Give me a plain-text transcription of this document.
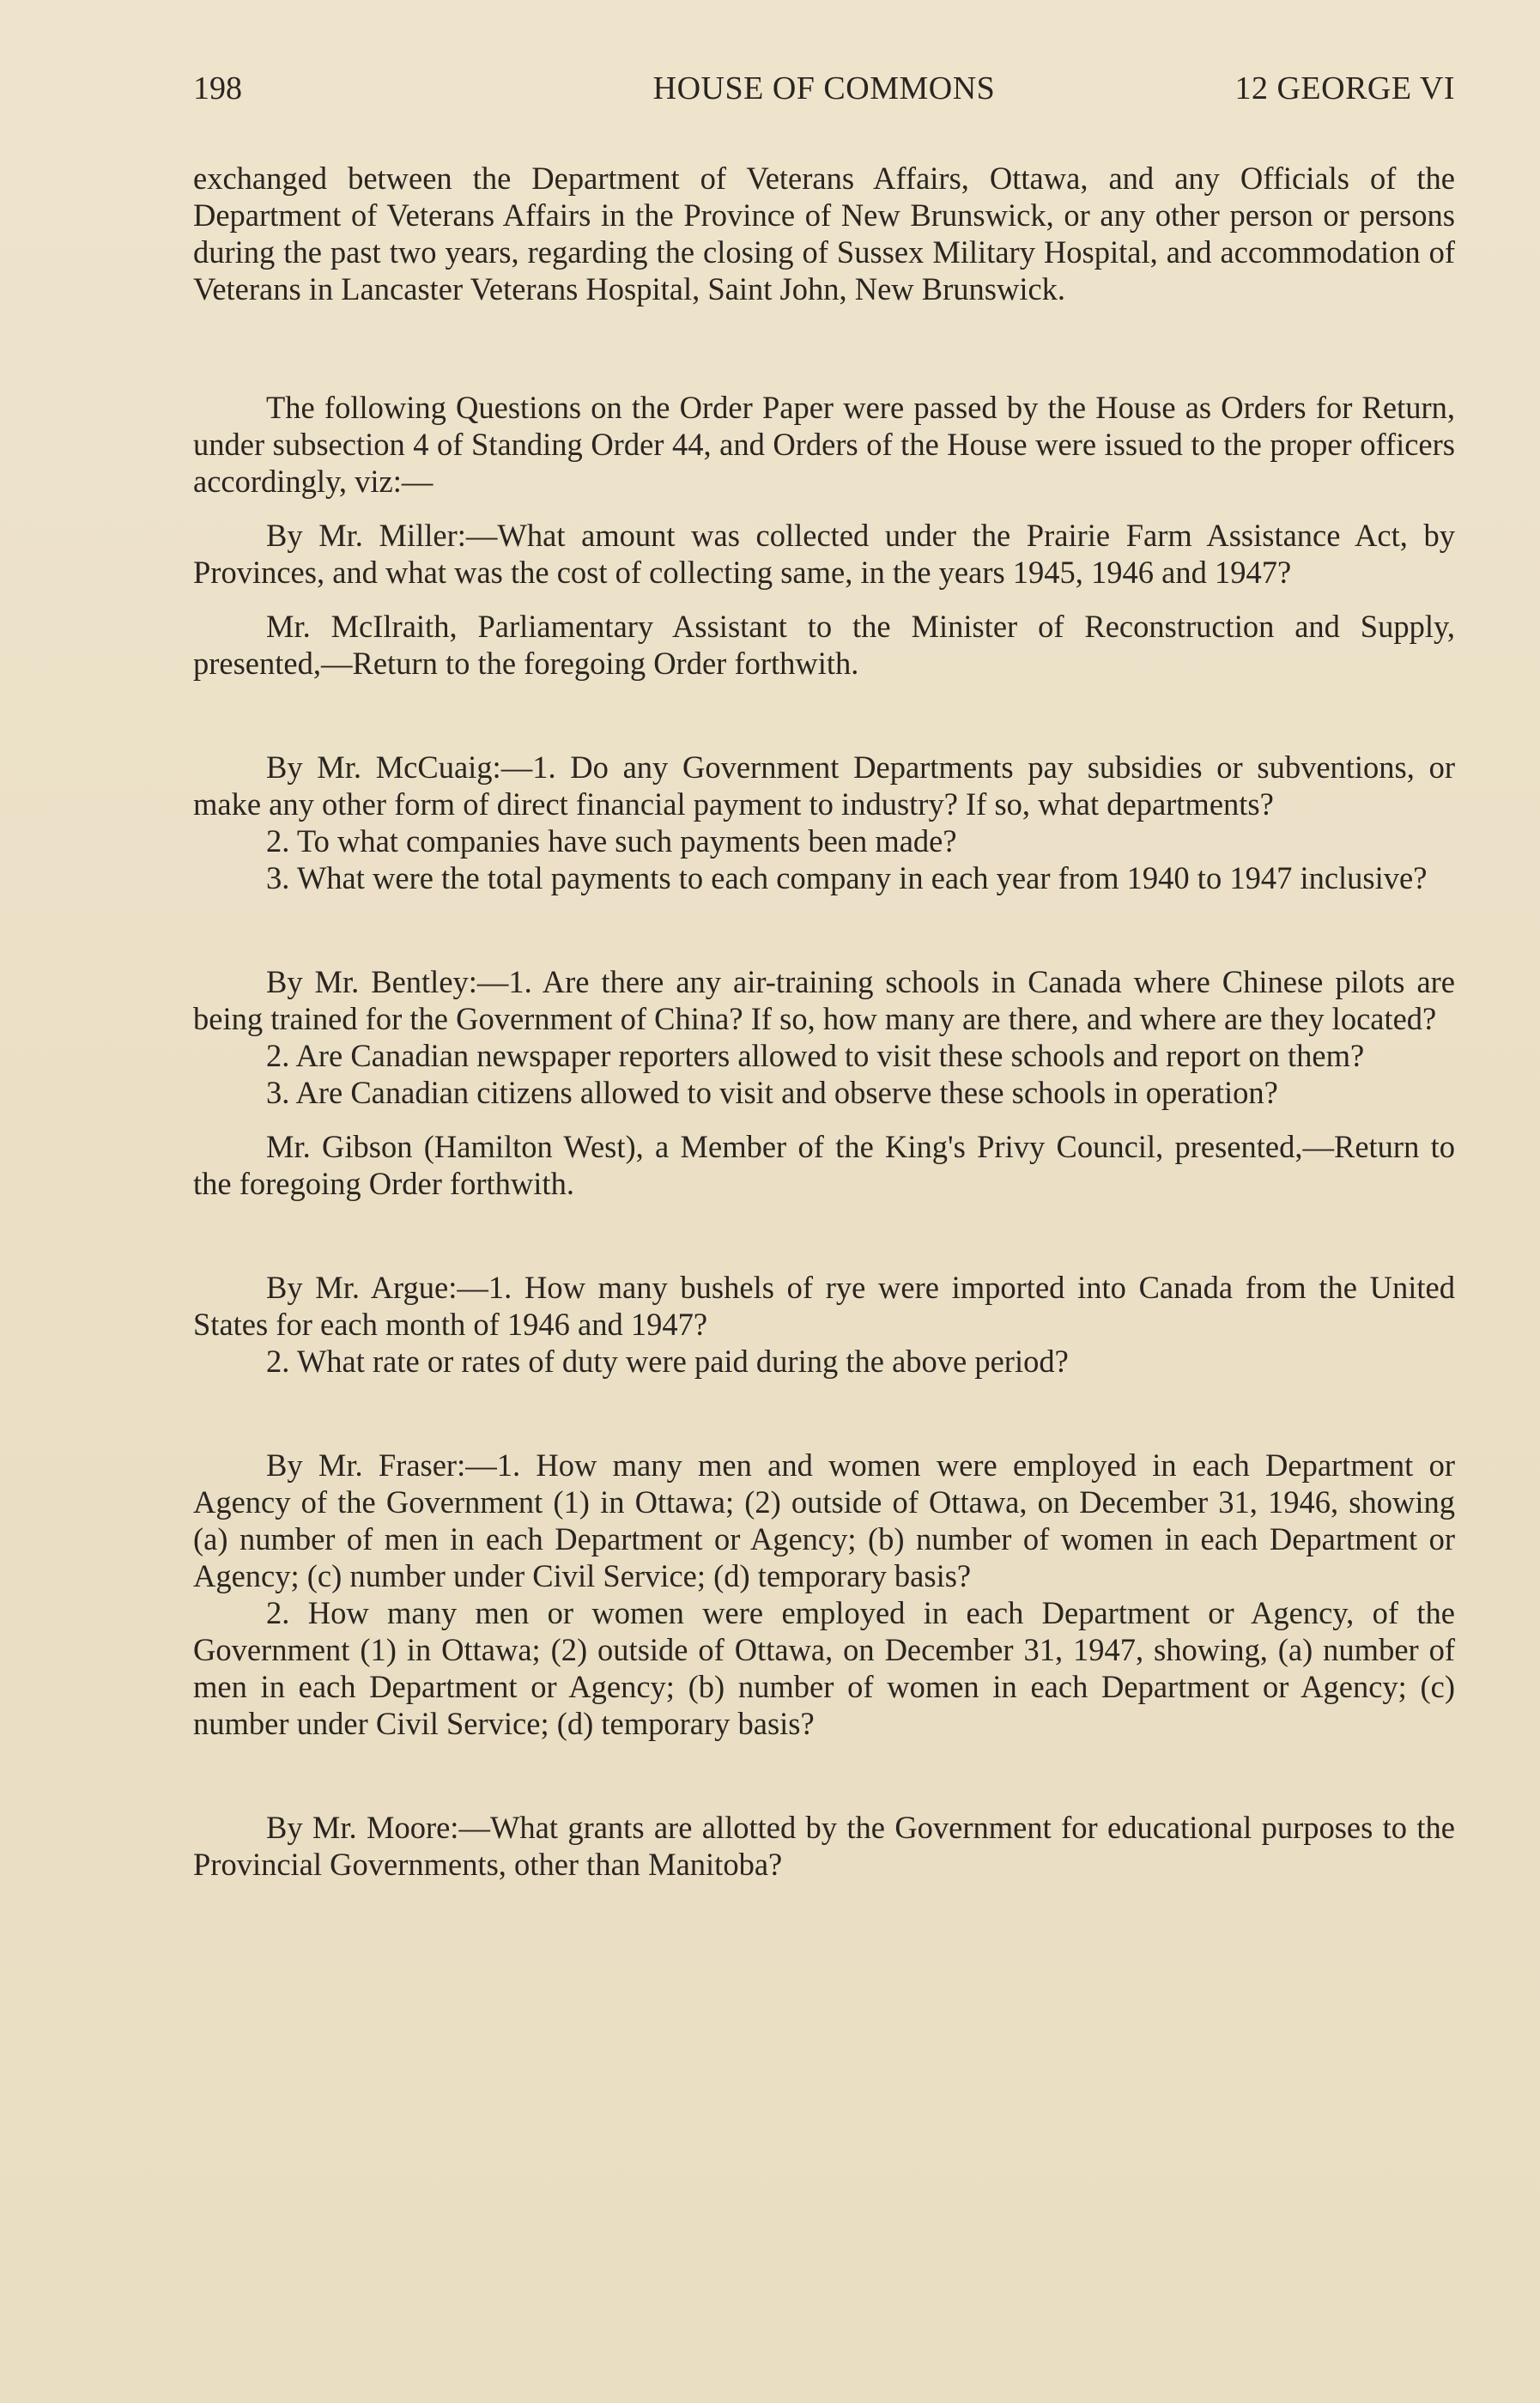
198	HOUSE OF COMMONS	12 GEORGE VI

exchanged between the Department of Veterans Affairs, Ottawa, and any Officials of the Department of Veterans Affairs in the Province of New Brunswick, or any other person or persons during the past two years, regarding the closing of Sussex Military Hospital, and accommodation of Veterans in Lancaster Veterans Hospital, Saint John, New Brunswick.

The following Questions on the Order Paper were passed by the House as Orders for Return, under subsection 4 of Standing Order 44, and Orders of the House were issued to the proper officers accordingly, viz:—

By Mr. Miller:—What amount was collected under the Prairie Farm Assistance Act, by Provinces, and what was the cost of collecting same, in the years 1945, 1946 and 1947?

Mr. McIlraith, Parliamentary Assistant to the Minister of Reconstruction and Supply, presented,—Return to the foregoing Order forthwith.

By Mr. McCuaig:—1. Do any Government Departments pay subsidies or subventions, or make any other form of direct financial payment to industry? If so, what departments?

2. To what companies have such payments been made?

3. What were the total payments to each company in each year from 1940 to 1947 inclusive?

By Mr. Bentley:—1. Are there any air-training schools in Canada where Chinese pilots are being trained for the Government of China? If so, how many are there, and where are they located?

2. Are Canadian newspaper reporters allowed to visit these schools and report on them?

3. Are Canadian citizens allowed to visit and observe these schools in operation?

Mr. Gibson (Hamilton West), a Member of the King's Privy Council, presented,—Return to the foregoing Order forthwith.

By Mr. Argue:—1. How many bushels of rye were imported into Canada from the United States for each month of 1946 and 1947?

2. What rate or rates of duty were paid during the above period?

By Mr. Fraser:—1. How many men and women were employed in each Department or Agency of the Government (1) in Ottawa; (2) outside of Ottawa, on December 31, 1946, showing (a) number of men in each Department or Agency; (b) number of women in each Department or Agency; (c) number under Civil Service; (d) temporary basis?

2. How many men or women were employed in each Department or Agency, of the Government (1) in Ottawa; (2) outside of Ottawa, on December 31, 1947, showing, (a) number of men in each Department or Agency; (b) number of women in each Department or Agency; (c) number under Civil Service; (d) temporary basis?

By Mr. Moore:—What grants are allotted by the Government for educational purposes to the Provincial Governments, other than Manitoba?
